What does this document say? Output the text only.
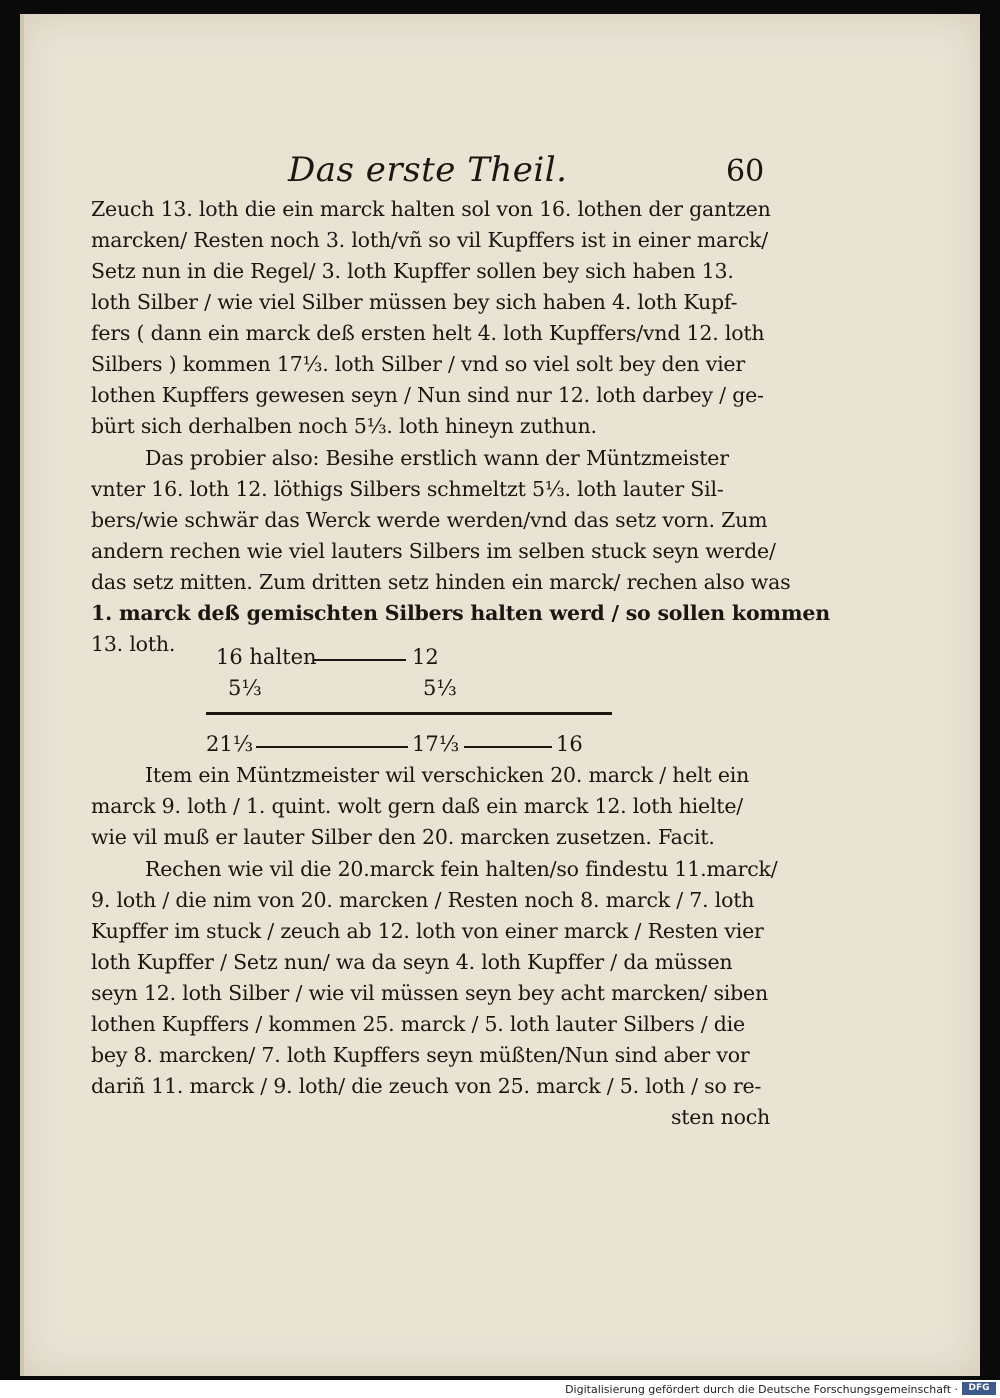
Das erste Theil.	60
Zeuch 13. loth die ein marck halten sol von 16. lothen der gantzen
marcken/ Resten noch 3. loth/vñ so vil Kupffers ist in einer marck/
Setz nun in die Regel/ 3. loth Kupffer sollen bey sich haben 13.
loth Silber / wie viel Silber müssen bey sich haben 4. loth Kupf-
fers ( dann ein marck deß ersten helt 4. loth Kupffers/vnd 12. loth
Silbers ) kommen 17⅓. loth Silber / vnd so viel solt bey den vier
lothen Kupffers gewesen seyn / Nun sind nur 12. loth darbey / ge-
bürt sich derhalben noch 5⅓. loth hineyn zuthun.
Das probier also: Besihe erstlich wann der Müntzmeister
vnter 16. loth 12. löthigs Silbers schmeltzt 5⅓. loth lauter Sil-
bers/wie schwär das Werck werde werden/vnd das setz vorn. Zum
andern rechen wie viel lauters Silbers im selben stuck seyn werde/
das setz mitten. Zum dritten setz hinden ein marck/ rechen also was
1. marck deß gemischten Silbers halten werd / so sollen kommen
13. loth.
16 halten	12
5⅓	5⅓
21⅓	17⅓	16
Item ein Müntzmeister wil verschicken 20. marck / helt ein
marck 9. loth / 1. quint. wolt gern daß ein marck 12. loth hielte/
wie vil muß er lauter Silber den 20. marcken zusetzen. Facit.
Rechen wie vil die 20.marck fein halten/so findestu 11.marck/
9. loth / die nim von 20. marcken / Resten noch 8. marck / 7. loth
Kupffer im stuck / zeuch ab 12. loth von einer marck / Resten vier
loth Kupffer / Setz nun/ wa da seyn 4. loth Kupffer / da müssen
seyn 12. loth Silber / wie vil müssen seyn bey acht marcken/ siben
lothen Kupffers / kommen 25. marck / 5. loth lauter Silbers / die
bey 8. marcken/ 7. loth Kupffers seyn müßten/Nun sind aber vor
dariñ 11. marck / 9. loth/ die zeuch von 25. marck / 5. loth / so re-
sten noch
Digitalisierung gefördert durch die Deutsche Forschungsgemeinschaft ·	DFG
